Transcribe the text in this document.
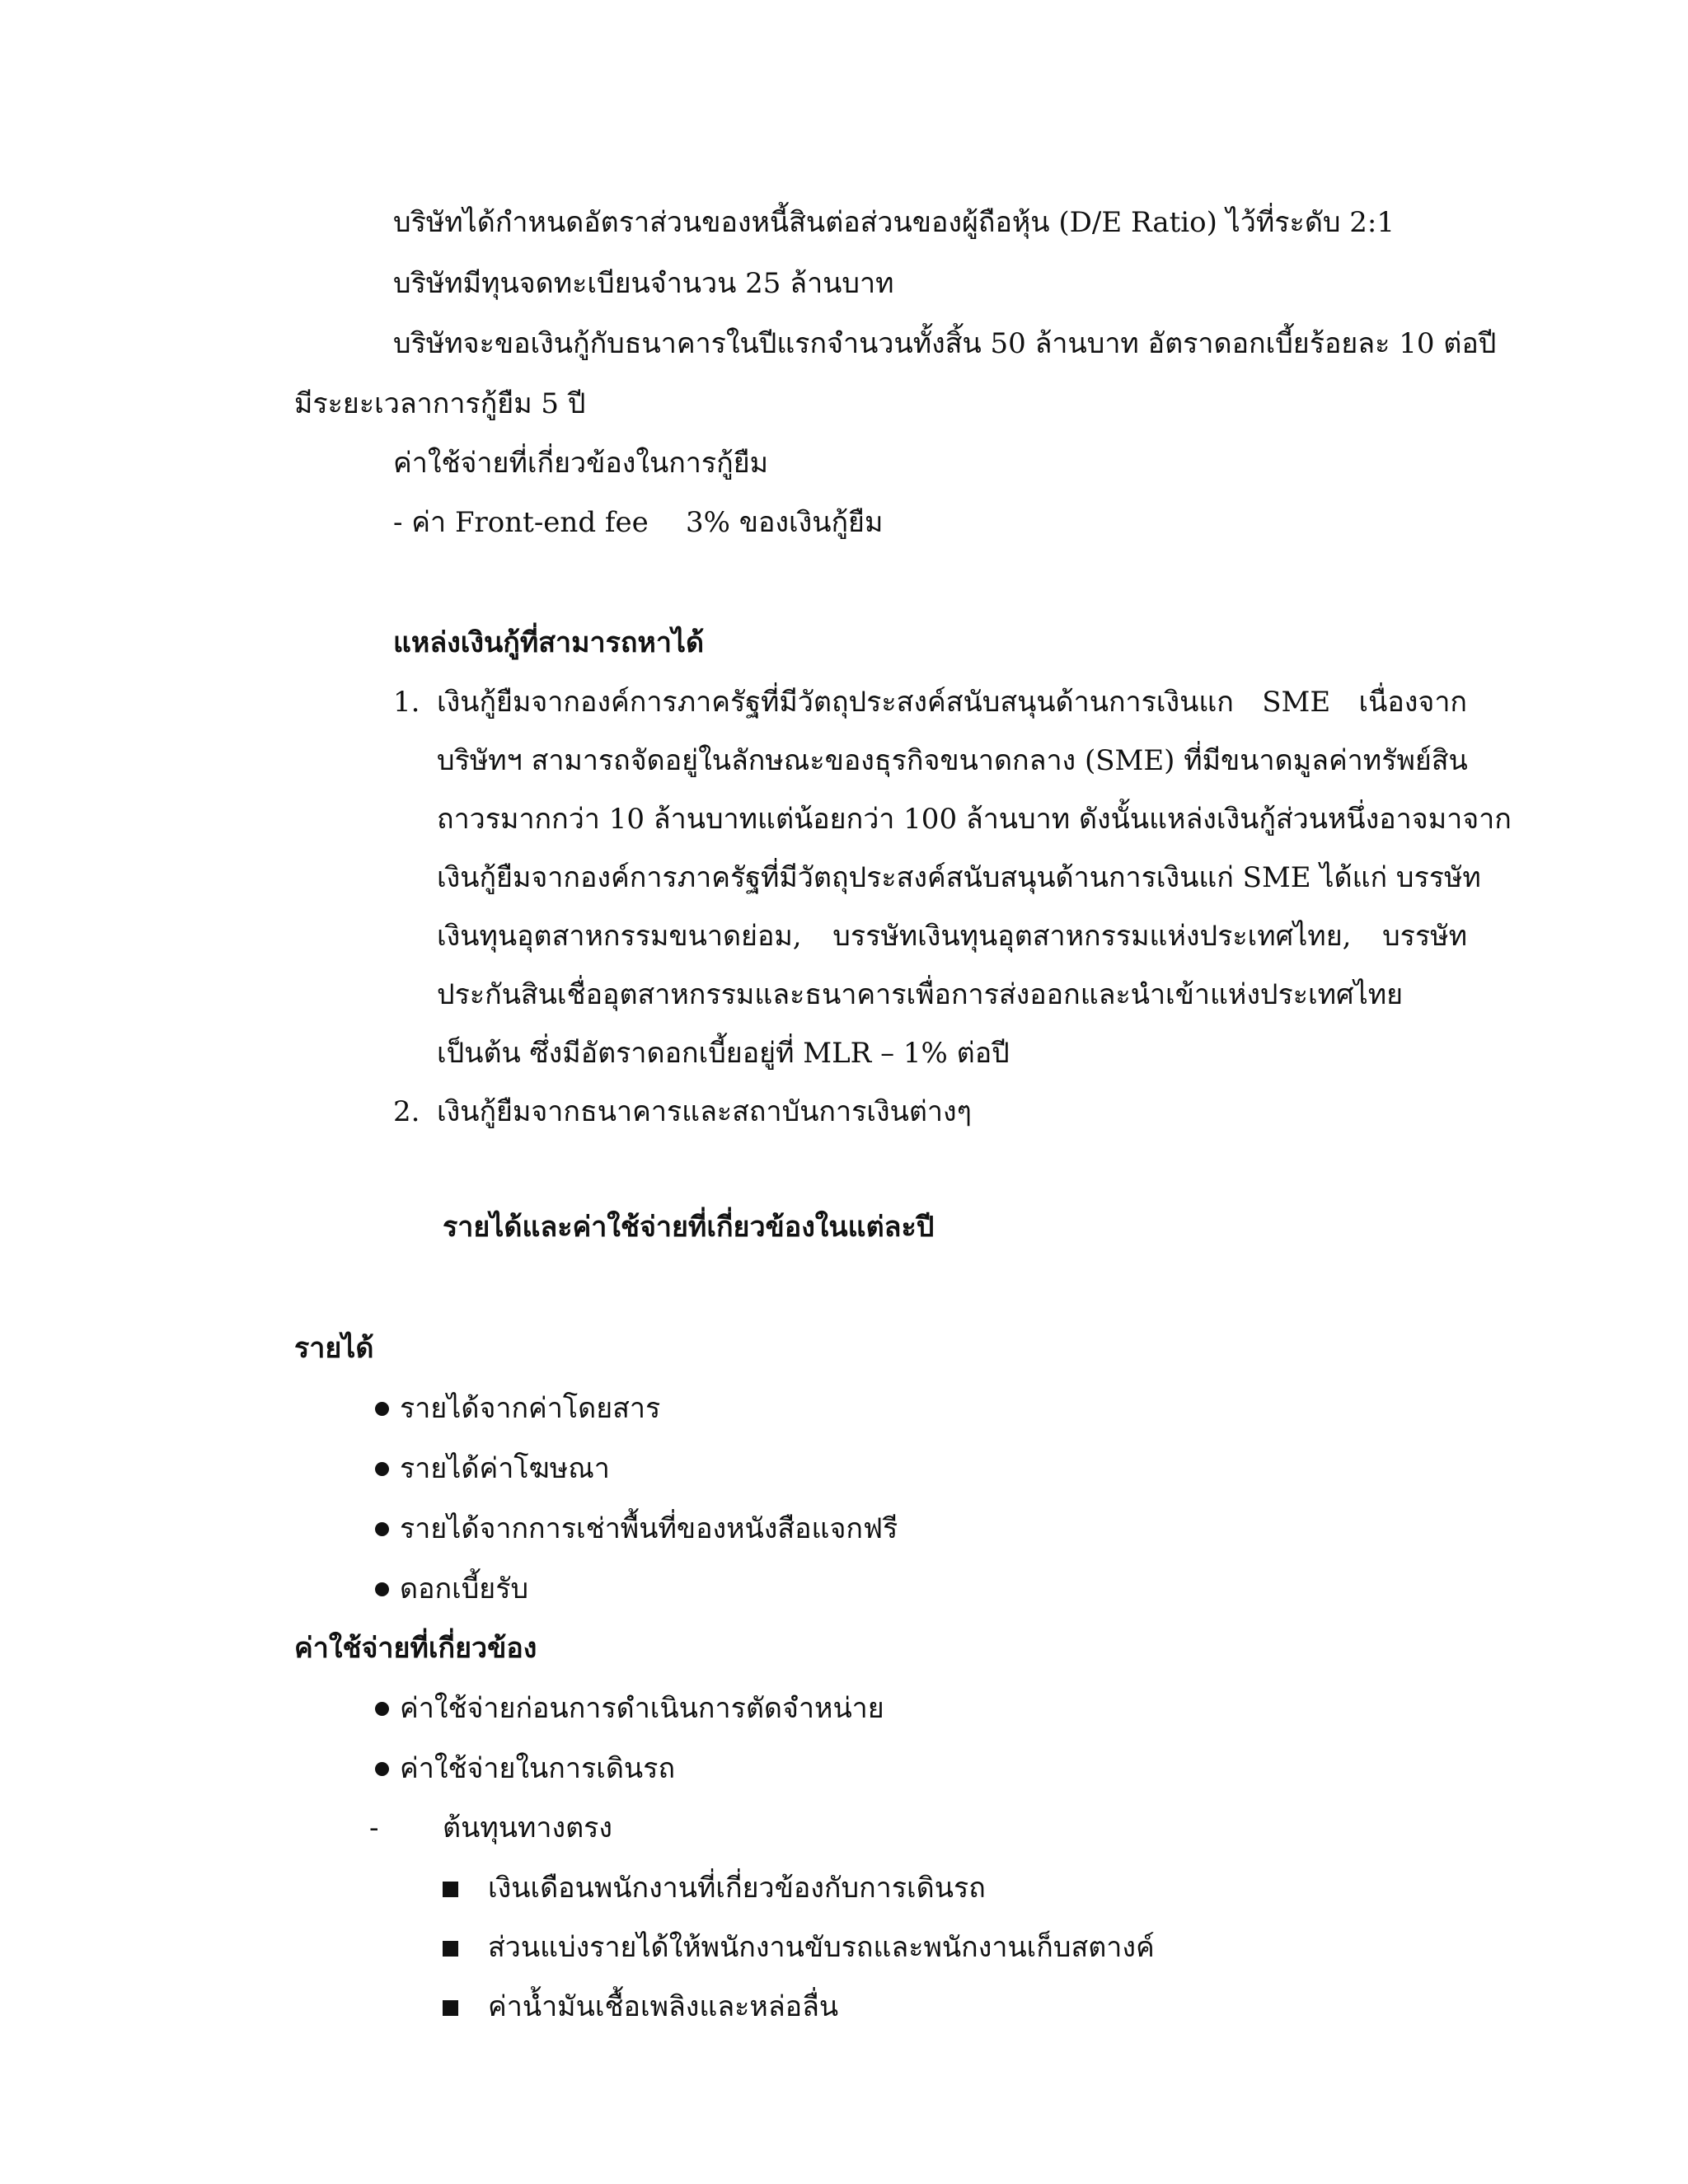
บริษัทได้กำหนดอัตราส่วนของหนี้สินต่อส่วนของผู้ถือหุ้น (D/E Ratio) ไว้ที่ระดับ 2:1
บริษัทมีทุนจดทะเบียนจำนวน 25 ล้านบาท
บริษัทจะขอเงินกู้กับธนาคารในปีแรกจำนวนทั้งสิ้น 50 ล้านบาท อัตราดอกเบี้ยร้อยละ 10 ต่อปี
มีระยะเวลาการกู้ยืม 5 ปี
ค่าใช้จ่ายที่เกี่ยวข้องในการกู้ยืม
- ค่า Front-end fee 3% ของเงินกู้ยืม
แหล่งเงินกู้ที่สามารถหาได้
1. เงินกู้ยืมจากองค์การภาครัฐที่มีวัตถุประสงค์สนับสนุนด้านการเงินแก SME เนื่องจาก
บริษัทฯ สามารถจัดอยู่ในลักษณะของธุรกิจขนาดกลาง (SME) ที่มีขนาดมูลค่าทรัพย์สิน
ถาวรมากกว่า 10 ล้านบาทแต่น้อยกว่า 100 ล้านบาท ดังนั้นแหล่งเงินกู้ส่วนหนึ่งอาจมาจาก
เงินกู้ยืมจากองค์การภาครัฐที่มีวัตถุประสงค์สนับสนุนด้านการเงินแก่ SME ได้แก่ บรรษัท
เงินทุนอุตสาหกรรมขนาดย่อม, บรรษัทเงินทุนอุตสาหกรรมแห่งประเทศไทย, บรรษัท
ประกันสินเชื่ออุตสาหกรรมและธนาคารเพื่อการส่งออกและนำเข้าแห่งประเทศไทย
เป็นต้น ซึ่งมีอัตราดอกเบี้ยอยู่ที่ MLR – 1% ต่อปี
2. เงินกู้ยืมจากธนาคารและสถาบันการเงินต่างๆ
รายได้และค่าใช้จ่ายที่เกี่ยวข้องในแต่ละปี
รายได้
รายได้จากค่าโดยสาร
รายได้ค่าโฆษณา
รายได้จากการเช่าพื้นที่ของหนังสือแจกฟรี
ดอกเบี้ยรับ
ค่าใช้จ่ายที่เกี่ยวข้อง
ค่าใช้จ่ายก่อนการดำเนินการตัดจำหน่าย
ค่าใช้จ่ายในการเดินรถ
- ต้นทุนทางตรง
เงินเดือนพนักงานที่เกี่ยวข้องกับการเดินรถ
ส่วนแบ่งรายได้ให้พนักงานขับรถและพนักงานเก็บสตางค์
ค่าน้ำมันเชื้อเพลิงและหล่อลื่น
